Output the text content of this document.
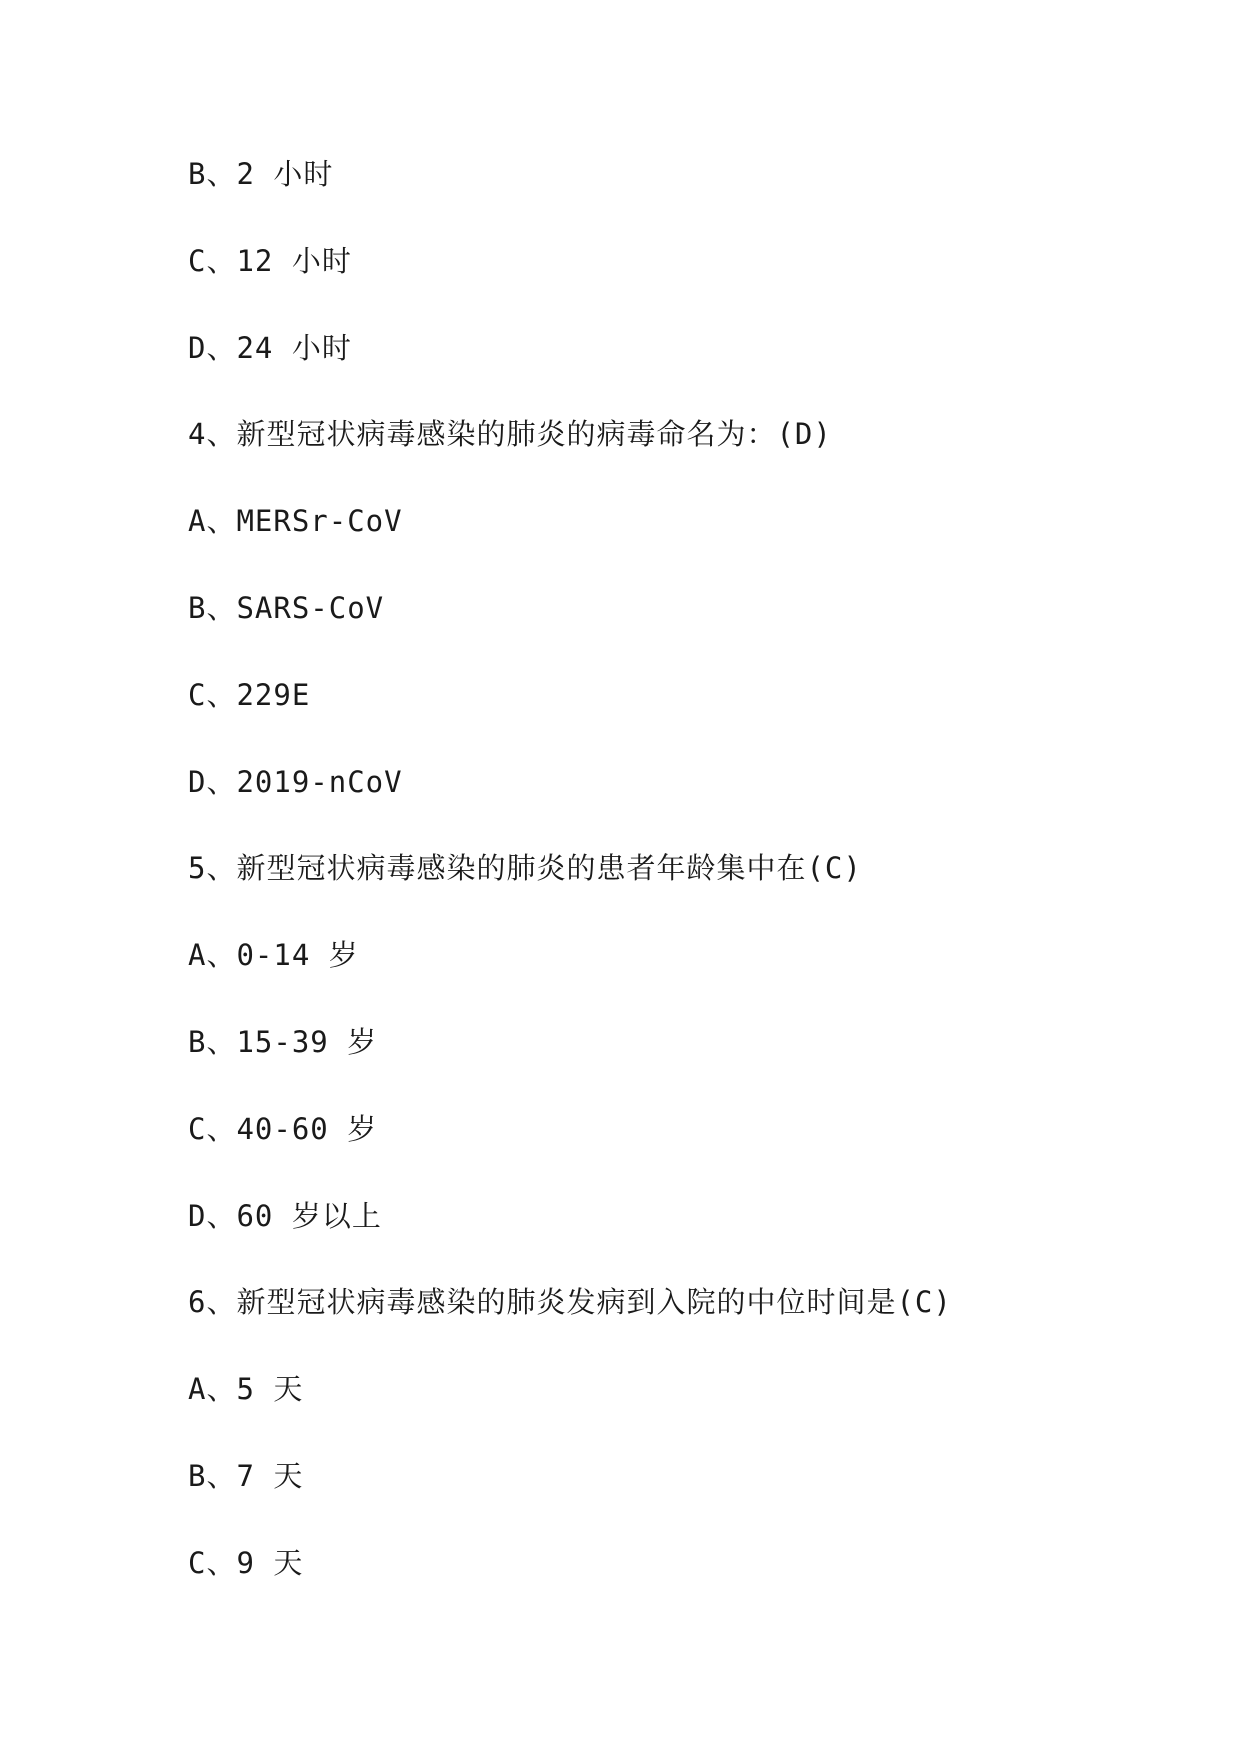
B、2 小时
C、12 小时
D、24 小时
4、新型冠状病毒感染的肺炎的病毒命名为：(D)
A、MERSr-CoV
B、SARS-CoV
C、229E
D、2019-nCoV
5、新型冠状病毒感染的肺炎的患者年龄集中在(C)
A、0-14 岁
B、15-39 岁
C、40-60 岁
D、60 岁以上
6、新型冠状病毒感染的肺炎发病到入院的中位时间是(C)
A、5 天
B、7 天
C、9 天
